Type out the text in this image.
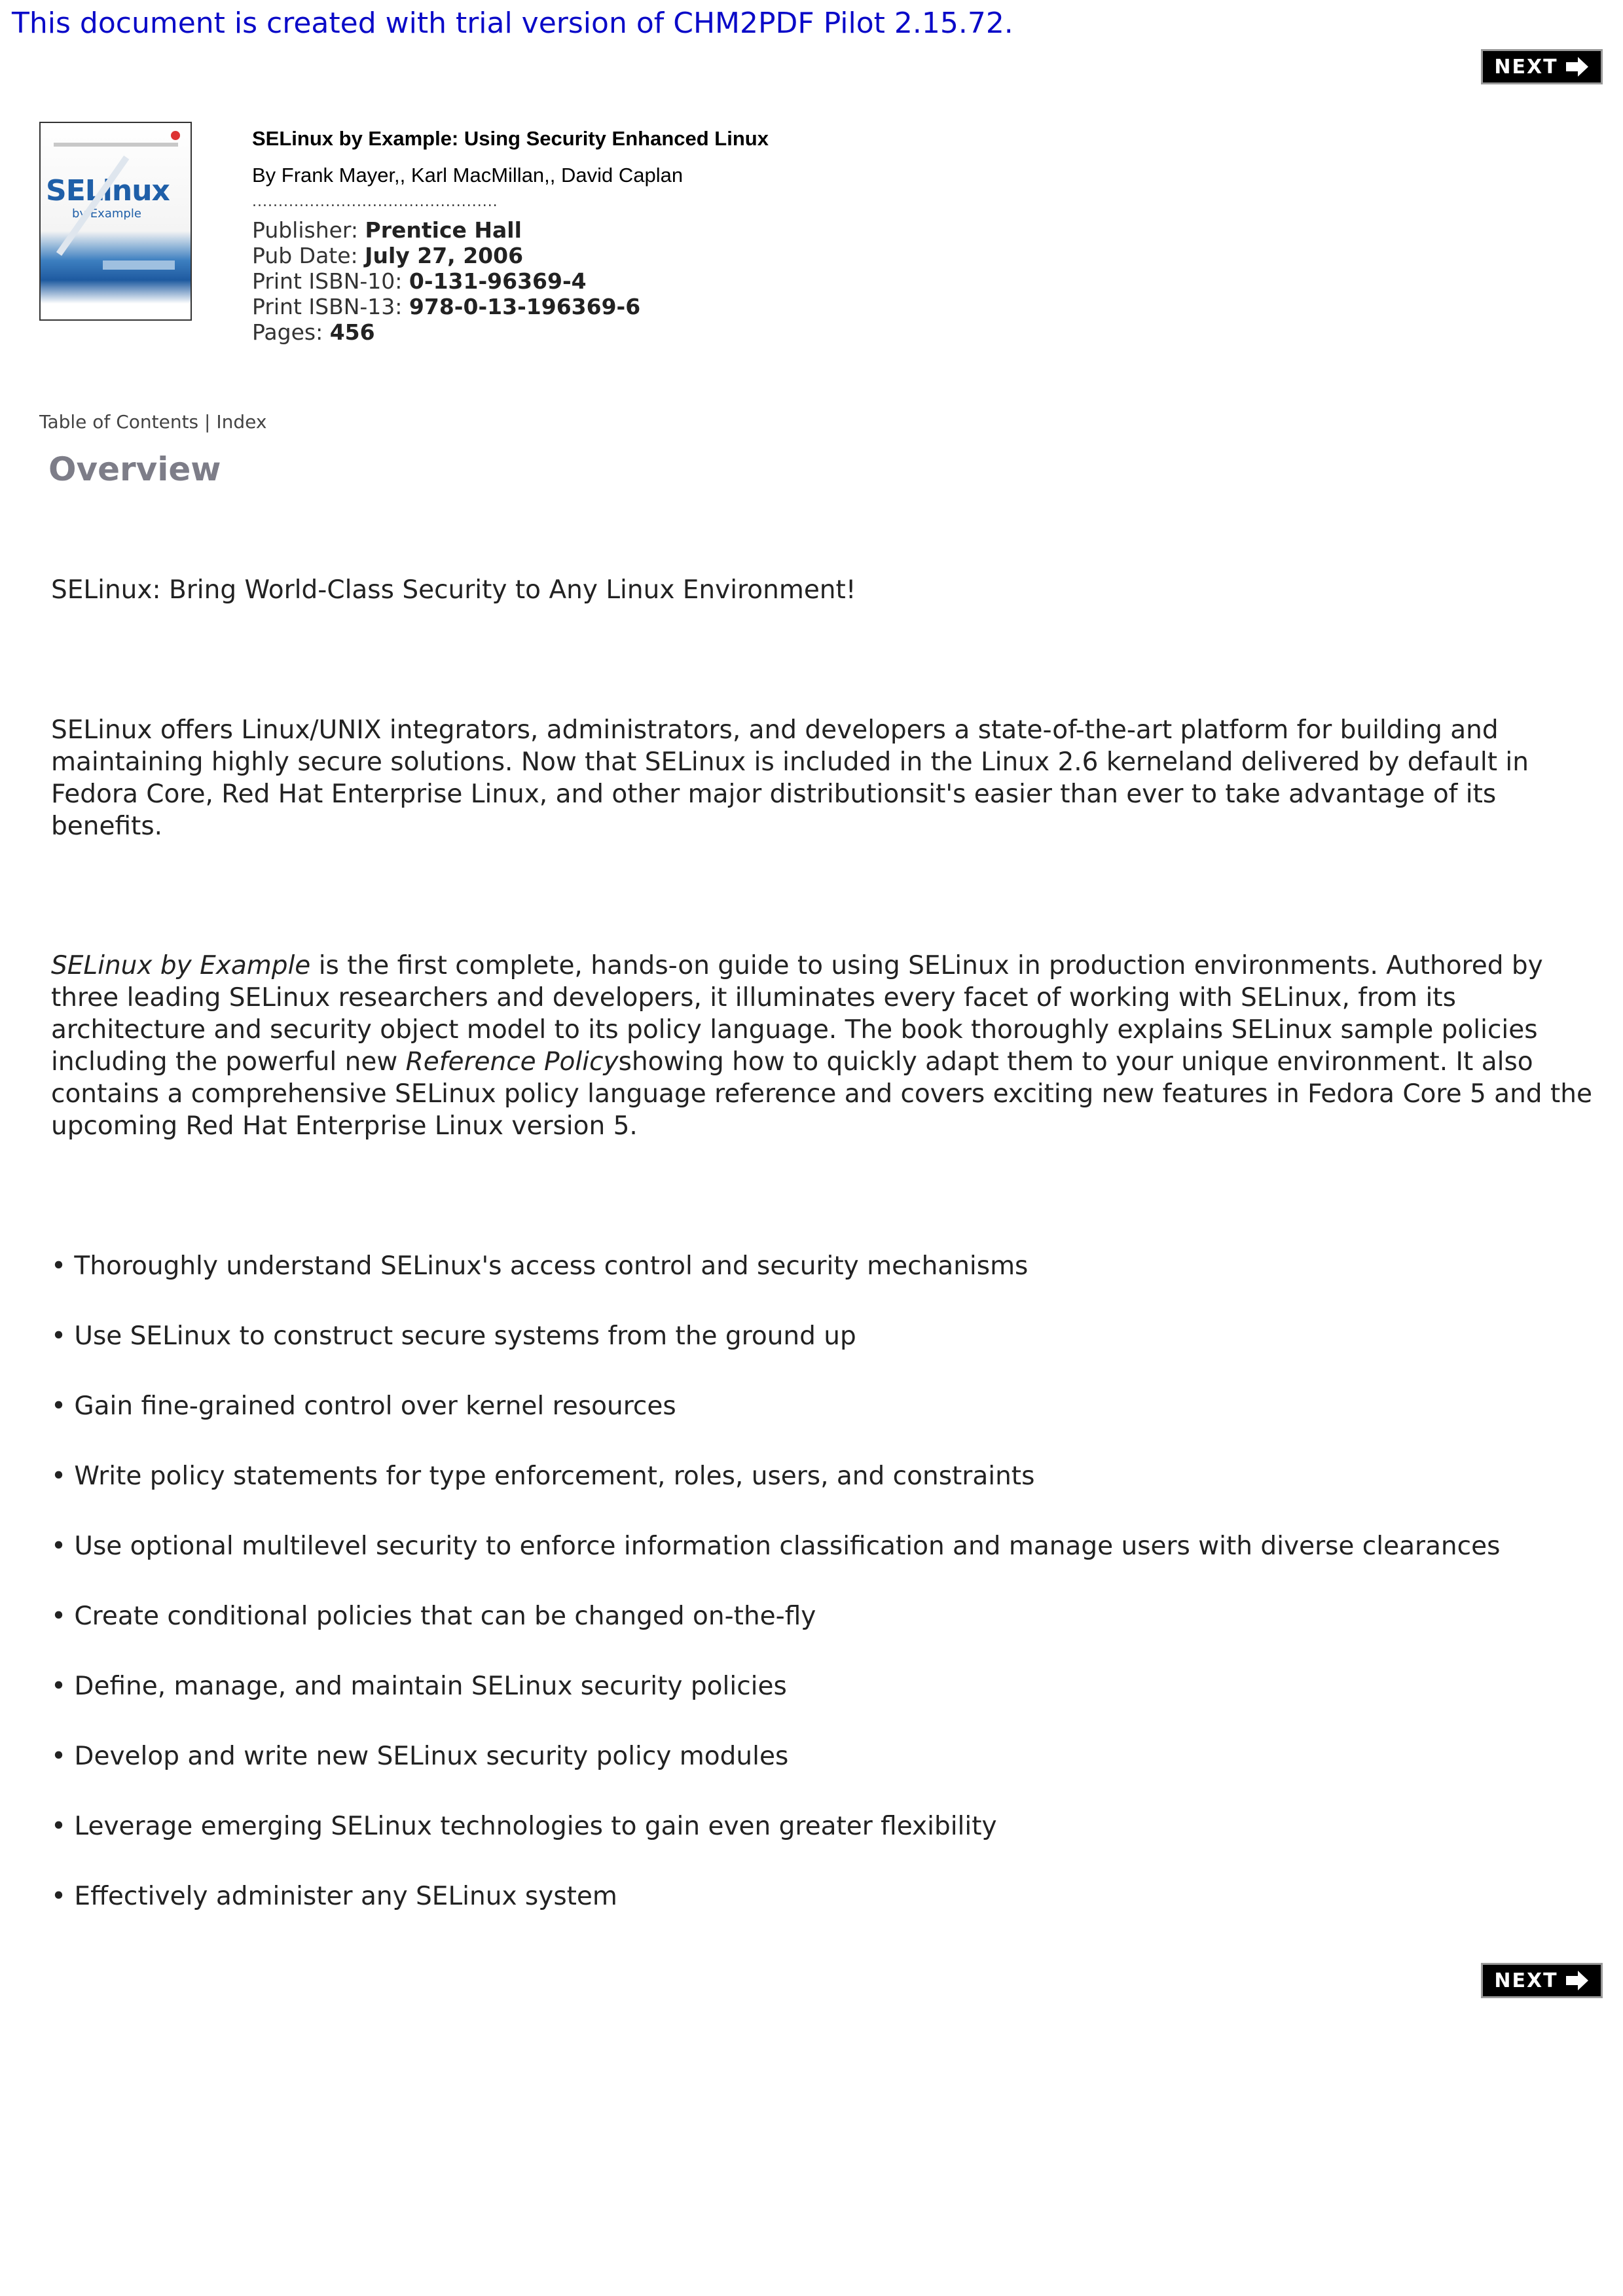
This document is created with trial version of CHM2PDF Pilot 2.15.72.
NEXT
SELinux
by Example
SELinux by Example: Using Security Enhanced Linux
By Frank Mayer,, Karl MacMillan,, David Caplan
...............................................
Publisher: Prentice Hall
Pub Date: July 27, 2006
Print ISBN-10: 0-131-96369-4
Print ISBN-13: 978-0-13-196369-6
Pages: 456
Table of Contents | Index
Overview

SELinux: Bring World-Class Security to Any Linux Environment!

SELinux offers Linux/UNIX integrators, administrators, and developers a state-of-the-art platform for building and maintaining highly secure solutions. Now that SELinux is included in the Linux 2.6 kerneland delivered by default in Fedora Core, Red Hat Enterprise Linux, and other major distributionsit's easier than ever to take advantage of its benefits.

SELinux by Example is the first complete, hands-on guide to using SELinux in production environments. Authored by three leading SELinux researchers and developers, it illuminates every facet of working with SELinux, from its architecture and security object model to its policy language. The book thoroughly explains SELinux sample policies including the powerful new Reference Policyshowing how to quickly adapt them to your unique environment. It also contains a comprehensive SELinux policy language reference and covers exciting new features in Fedora Core 5 and the upcoming Red Hat Enterprise Linux version 5.

• Thoroughly understand SELinux's access control and security mechanisms
• Use SELinux to construct secure systems from the ground up
• Gain fine-grained control over kernel resources
• Write policy statements for type enforcement, roles, users, and constraints
• Use optional multilevel security to enforce information classification and manage users with diverse clearances
• Create conditional policies that can be changed on-the-fly
• Define, manage, and maintain SELinux security policies
• Develop and write new SELinux security policy modules
• Leverage emerging SELinux technologies to gain even greater flexibility
• Effectively administer any SELinux system
NEXT
